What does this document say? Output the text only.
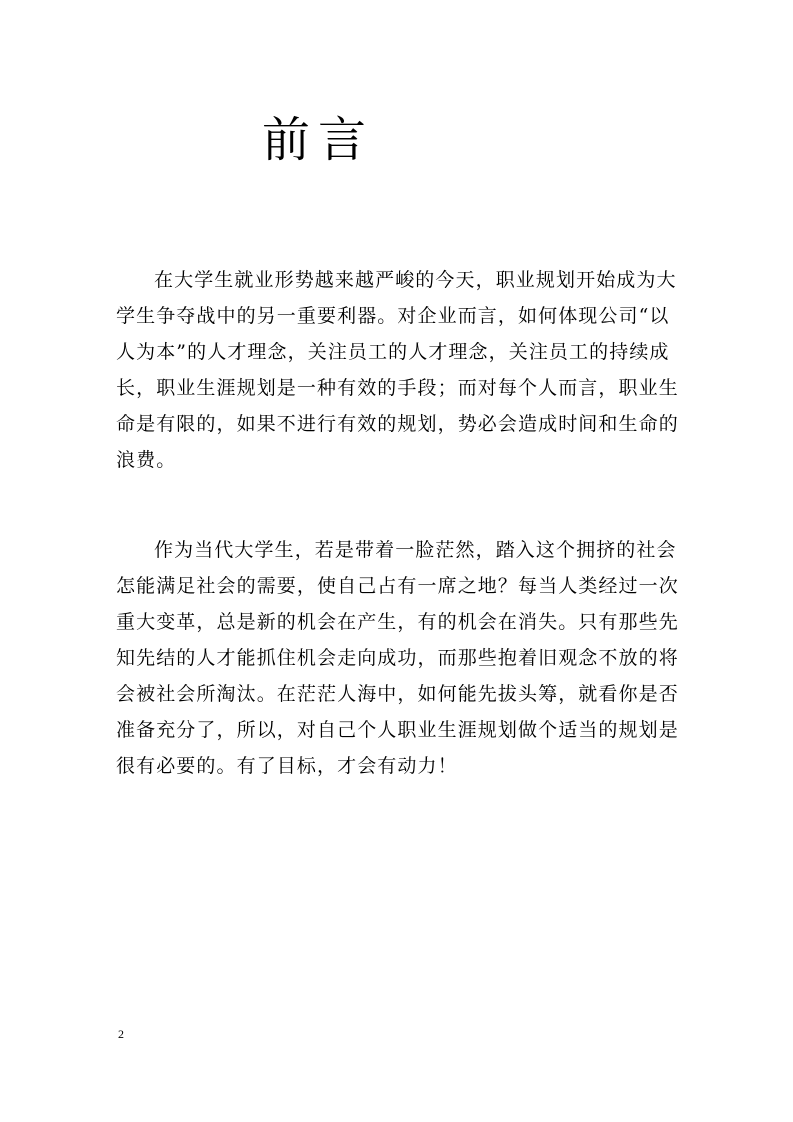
前言
在大学生就业形势越来越严峻的今天，职业规划开始成为大
学生争夺战中的另一重要利器。对企业而言，如何体现公司“以
人为本”的人才理念，关注员工的人才理念，关注员工的持续成
长，职业生涯规划是一种有效的手段；而对每个人而言，职业生
命是有限的，如果不进行有效的规划，势必会造成时间和生命的
浪费。
作为当代大学生，若是带着一脸茫然，踏入这个拥挤的社会
怎能满足社会的需要，使自己占有一席之地？每当人类经过一次
重大变革，总是新的机会在产生，有的机会在消失。只有那些先
知先结的人才能抓住机会走向成功，而那些抱着旧观念不放的将
会被社会所淘汰。在茫茫人海中，如何能先拔头筹，就看你是否
准备充分了，所以，对自己个人职业生涯规划做个适当的规划是
很有必要的。有了目标，才会有动力！
2
